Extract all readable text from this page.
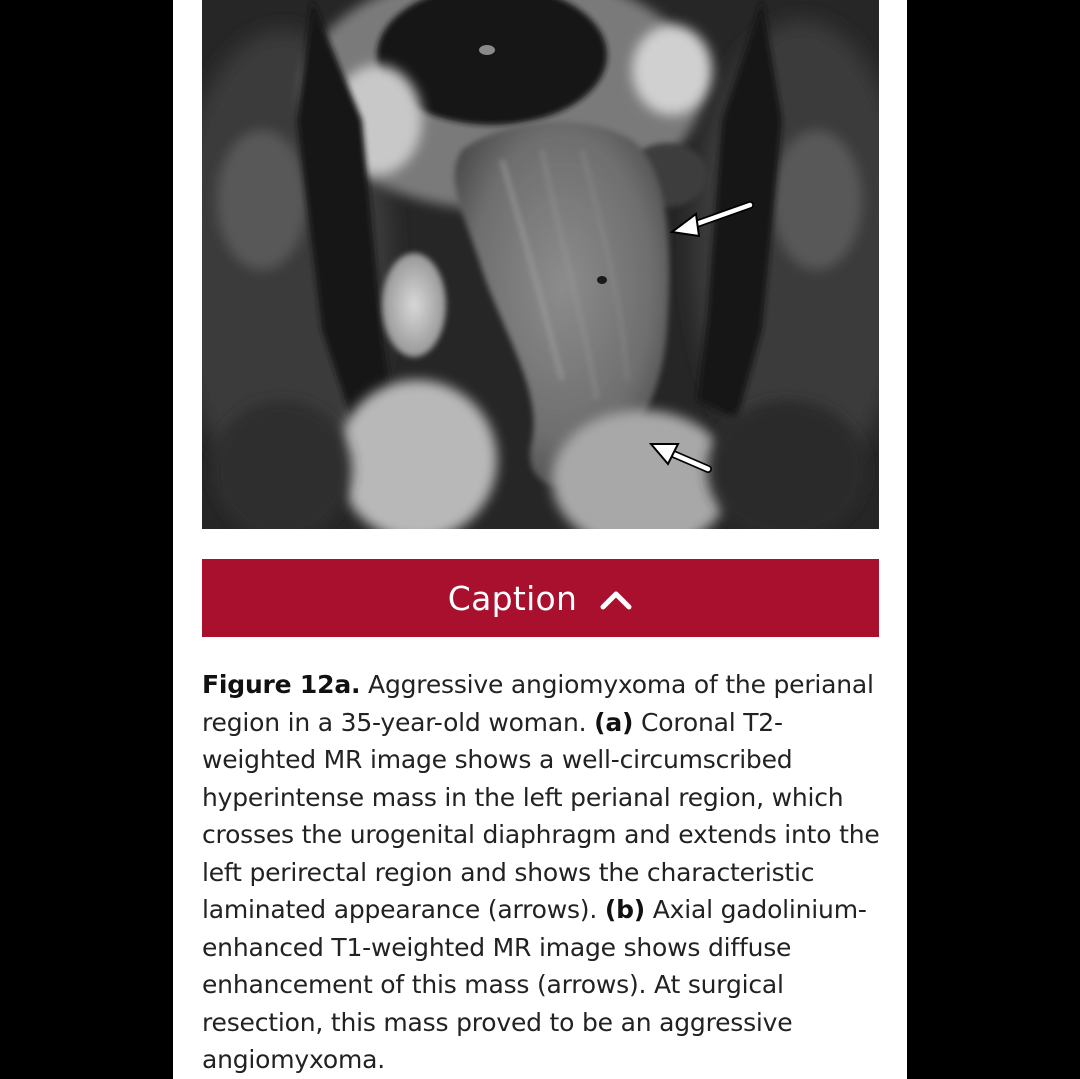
Caption

Figure 12a. Aggressive angiomyxoma of the perianal region in a 35-year-old woman. (a) Coronal T2-weighted MR image shows a well-circumscribed hyperintense mass in the left perianal region, which crosses the urogenital diaphragm and extends into the left perirectal region and shows the characteristic laminated appearance (arrows). (b) Axial gadolinium-enhanced T1-weighted MR image shows diffuse enhancement of this mass (arrows). At surgical resection, this mass proved to be an aggressive angiomyxoma.
